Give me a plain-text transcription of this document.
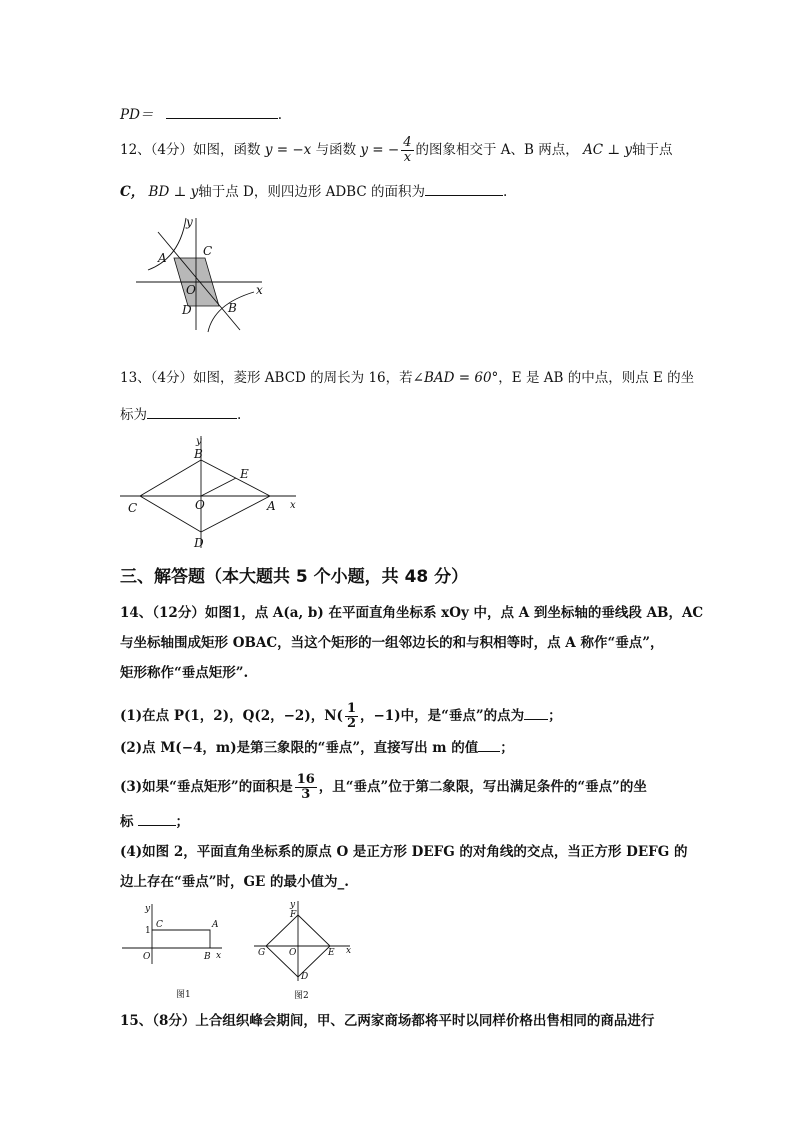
PD＝	.
12、（4分）如图，函数 y = −x 与函数 y = − $\frac{4}{x}$ 的图象相交于 A、B 两点， AC ⊥ y轴于点
C， BD ⊥ y轴于点 D，则四边形 ADBC 的面积为	.
y
A	C
O	x
D	B
13、（4分）如图，菱形 ABCD 的周长为 16，若∠BAD = 60°，E 是 AB 的中点，则点 E 的坐
标为	.
y
B
E
C	O	A x
D
三、解答题（本大题共 5 个小题，共 48 分）
14、（12分）如图1，点 A(a, b) 在平面直角坐标系 xOy 中，点 A 到坐标轴的垂线段 AB，AC
与坐标轴围成矩形 OBAC，当这个矩形的一组邻边长的和与积相等时，点 A 称作“垂点”，
矩形称作“垂点矩形”.
(1)在点 P(1，2)，Q(2，−2)，$N( \frac{1}{2}$ ，−1)中，是“垂点”的点为 ；
(2)点 M(−4，m)是第三象限的“垂点”，直接写出 m 的值 ；
(3)如果“垂点矩形”的面积是 $\frac{16}{3}$ ，且“垂点”位于第二象限，写出满足条件的“垂点”的坐
标	；
(4)如图 2，平面直角坐标系的原点 O 是正方形 DEFG 的对角线的交点，当正方形 DEFG 的
边上存在“垂点”时，GE 的最小值为_.
y
C	A
1
O	B x
图1
y
F
G	O	E x
D
图2
15、（8分）上合组织峰会期间，甲、乙两家商场都将平时以同样价格出售相同的商品进行
